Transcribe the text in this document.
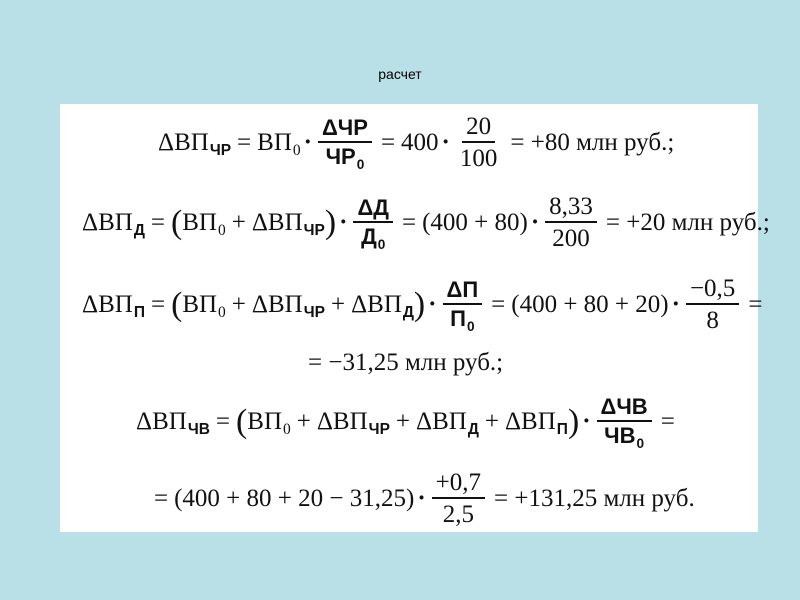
расчет
$\Delta ВП_{ЧР} = ВП_0 \cdot \frac{\text{ΔЧР}}{ЧР_0} = 400 \cdot \frac{20}{100} = +80$ млн руб.;
$\Delta ВП_Д$ = ( $ВП_0 + \Delta ВП_{ЧР}$ ) · $\frac{\Delta Д}{Д_0} = (400 + 80) \cdot \frac{8,33}{200} = +20$ млн руб.;
$\Delta ВП_П$ = ( $ВП_0 + \Delta ВП_{ЧР} + \Delta ВП_Д$ ) · $\frac{\Delta П}{П_0} = (400 + 80 + 20) \cdot \frac{-0,5}{8}$ =
= −31,25 млн руб.;
$\Delta ВП_{ЧВ}$ = ( $ВП_0 + \Delta ВП_{ЧР} + \Delta ВП_Д + \Delta ВП_П$ ) · $\frac{\text{ΔЧВ}}{ЧВ_0}$ =
= $(400 + 80 + 20 - 31,25) \cdot \frac{+0,7}{2,5} = +131,25$ млн руб.
